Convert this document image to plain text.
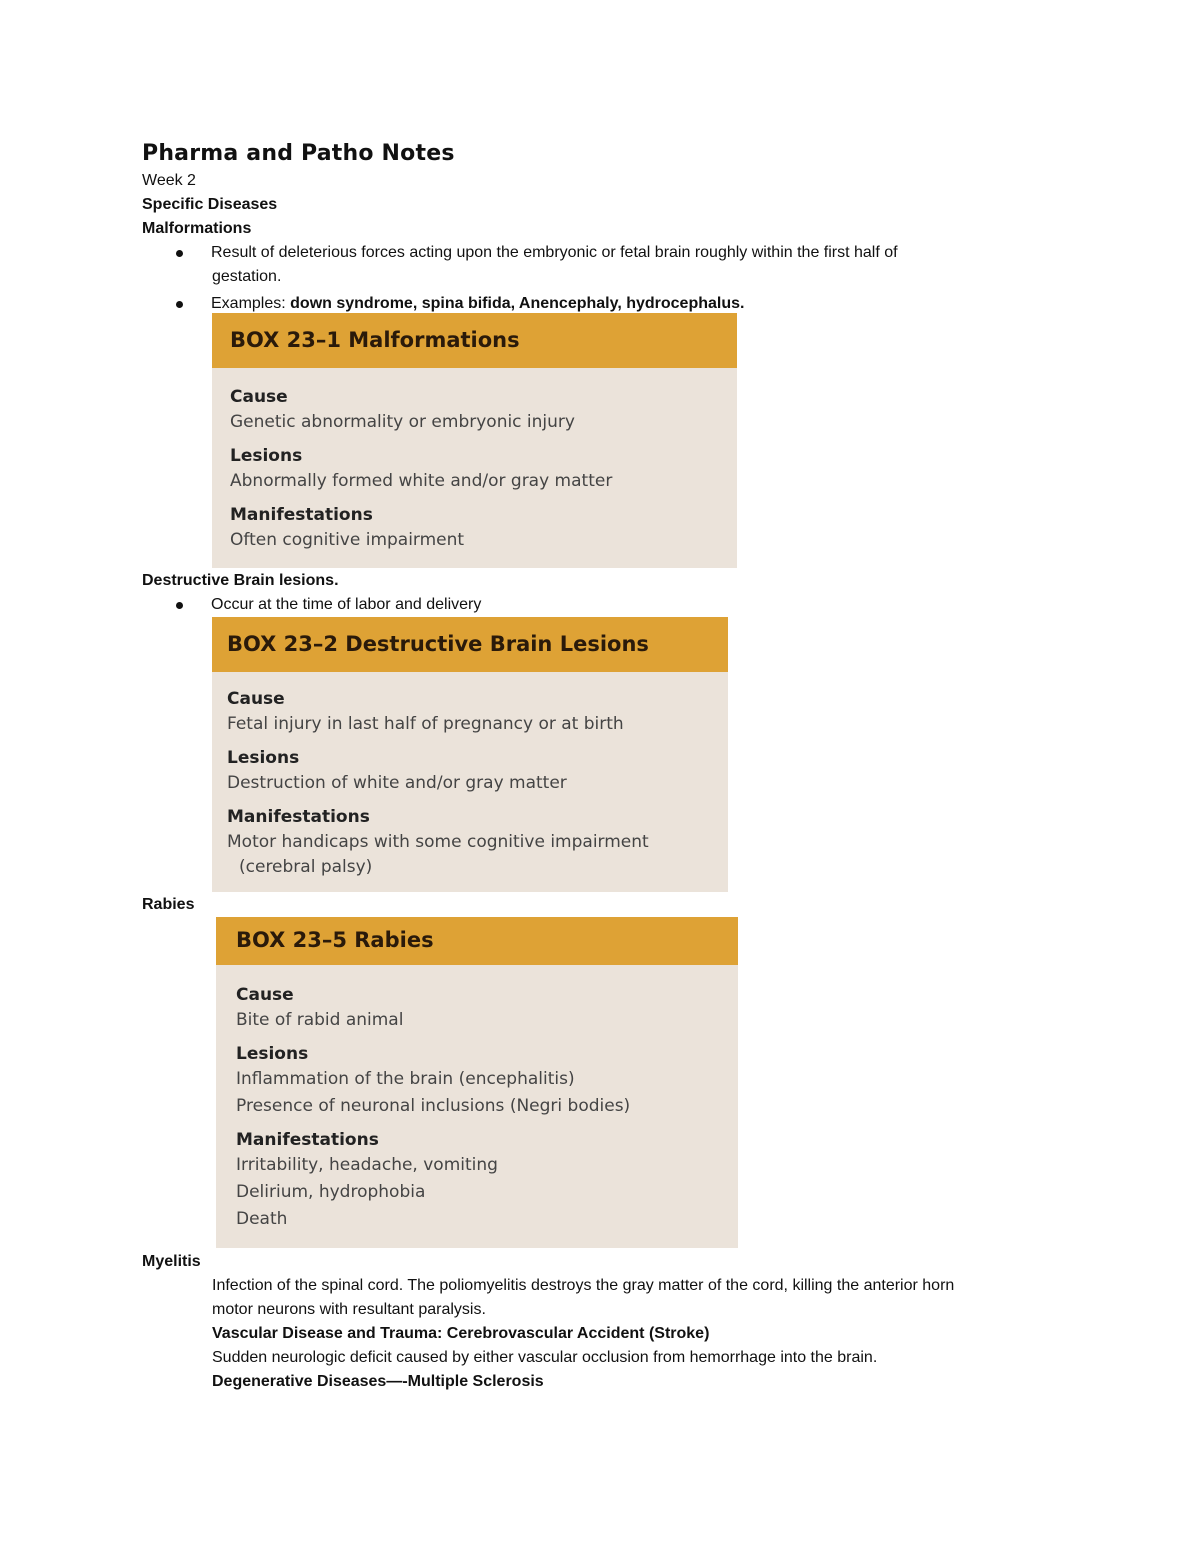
Pharma and Patho Notes
Week 2
Specific Diseases
Malformations
Result of deleterious forces acting upon the embryonic or fetal brain roughly within the first half of
gestation.
Examples: down syndrome, spina bifida, Anencephaly, hydrocephalus.
BOX 23–1 Malformations
Cause
Genetic abnormality or embryonic injury
Lesions
Abnormally formed white and/or gray matter
Manifestations
Often cognitive impairment
Destructive Brain lesions.
Occur at the time of labor and delivery
BOX 23–2 Destructive Brain Lesions
Cause
Fetal injury in last half of pregnancy or at birth
Lesions
Destruction of white and/or gray matter
Manifestations
Motor handicaps with some cognitive impairment
(cerebral palsy)
Rabies
BOX 23–5 Rabies
Cause
Bite of rabid animal
Lesions
Inflammation of the brain (encephalitis)
Presence of neuronal inclusions (Negri bodies)
Manifestations
Irritability, headache, vomiting
Delirium, hydrophobia
Death
Myelitis
Infection of the spinal cord. The poliomyelitis destroys the gray matter of the cord, killing the anterior horn
motor neurons with resultant paralysis.
Vascular Disease and Trauma: Cerebrovascular Accident (Stroke)
Sudden neurologic deficit caused by either vascular occlusion from hemorrhage into the brain.
Degenerative Diseases—-Multiple Sclerosis
